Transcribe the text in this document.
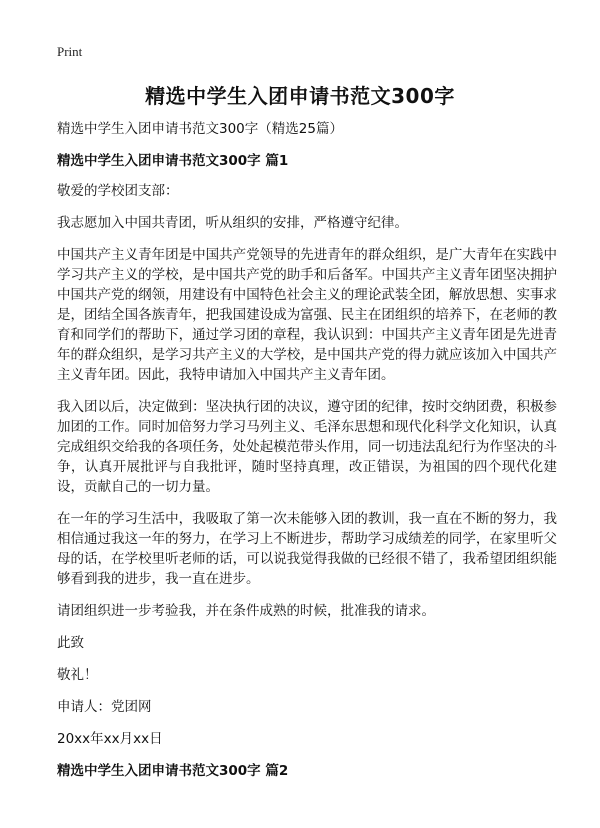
Print
精选中学生入团申请书范文300字

精选中学生入团申请书范文300字（精选25篇）

精选中学生入团申请书范文300字 篇1

敬爱的学校团支部：

我志愿加入中国共青团，听从组织的安排，严格遵守纪律。

中国共产主义青年团是中国共产党领导的先进青年的群众组织，是广大青年在实践中学习共产主义的学校，是中国共产党的助手和后备军。中国共产主义青年团坚决拥护中国共产党的纲领，用建设有中国特色社会主义的理论武装全团，解放思想、实事求是，团结全国各族青年，把我国建设成为富强、民主在团组织的培养下，在老师的教育和同学们的帮助下，通过学习团的章程，我认识到：中国共产主义青年团是先进青年的群众组织，是学习共产主义的大学校，是中国共产党的得力就应该加入中国共产主义青年团。因此，我特申请加入中国共产主义青年团。

我入团以后，决定做到：坚决执行团的决议，遵守团的纪律，按时交纳团费，积极参加团的工作。同时加倍努力学习马列主义、毛泽东思想和现代化科学文化知识，认真完成组织交给我的各项任务，处处起模范带头作用，同一切违法乱纪行为作坚决的斗争，认真开展批评与自我批评，随时坚持真理，改正错误，为祖国的四个现代化建设，贡献自己的一切力量。

在一年的学习生活中，我吸取了第一次未能够入团的教训，我一直在不断的努力，我相信通过我这一年的努力，在学习上不断进步，帮助学习成绩差的同学，在家里听父母的话，在学校里听老师的话，可以说我觉得我做的已经很不错了，我希望团组织能够看到我的进步，我一直在进步。

请团组织进一步考验我，并在条件成熟的时候，批准我的请求。

此致

敬礼！

申请人：党团网

20xx年xx月xx日

精选中学生入团申请书范文300字 篇2
